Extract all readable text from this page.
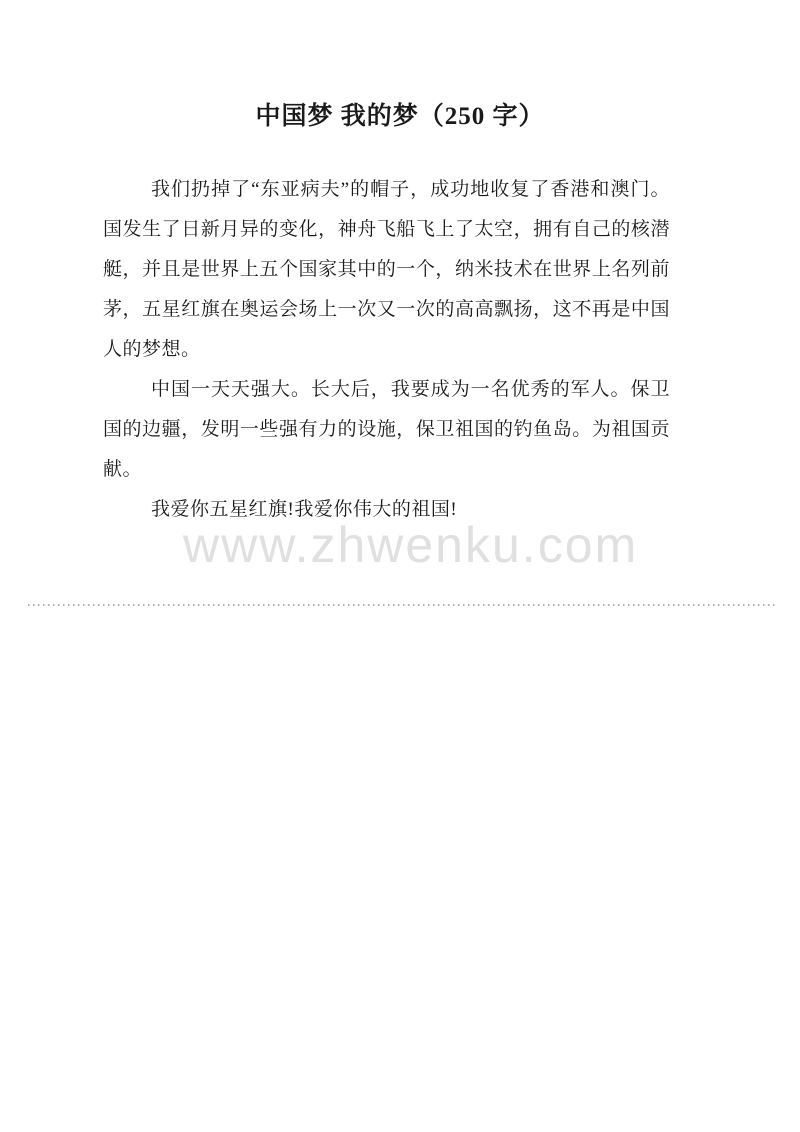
中国梦 我的梦（250 字）
我们扔掉了“东亚病夫”的帽子，成功地收复了香港和澳门。
国发生了日新月异的变化，神舟飞船飞上了太空，拥有自己的核潜
艇，并且是世界上五个国家其中的一个，纳米技术在世界上名列前
茅，五星红旗在奥运会场上一次又一次的高高飘扬，这不再是中国
人的梦想。
中国一天天强大。长大后，我要成为一名优秀的军人。保卫
国的边疆，发明一些强有力的设施，保卫祖国的钓鱼岛。为祖国贡
献。
我爱你五星红旗!我爱你伟大的祖国!
www.zhwenku.com
